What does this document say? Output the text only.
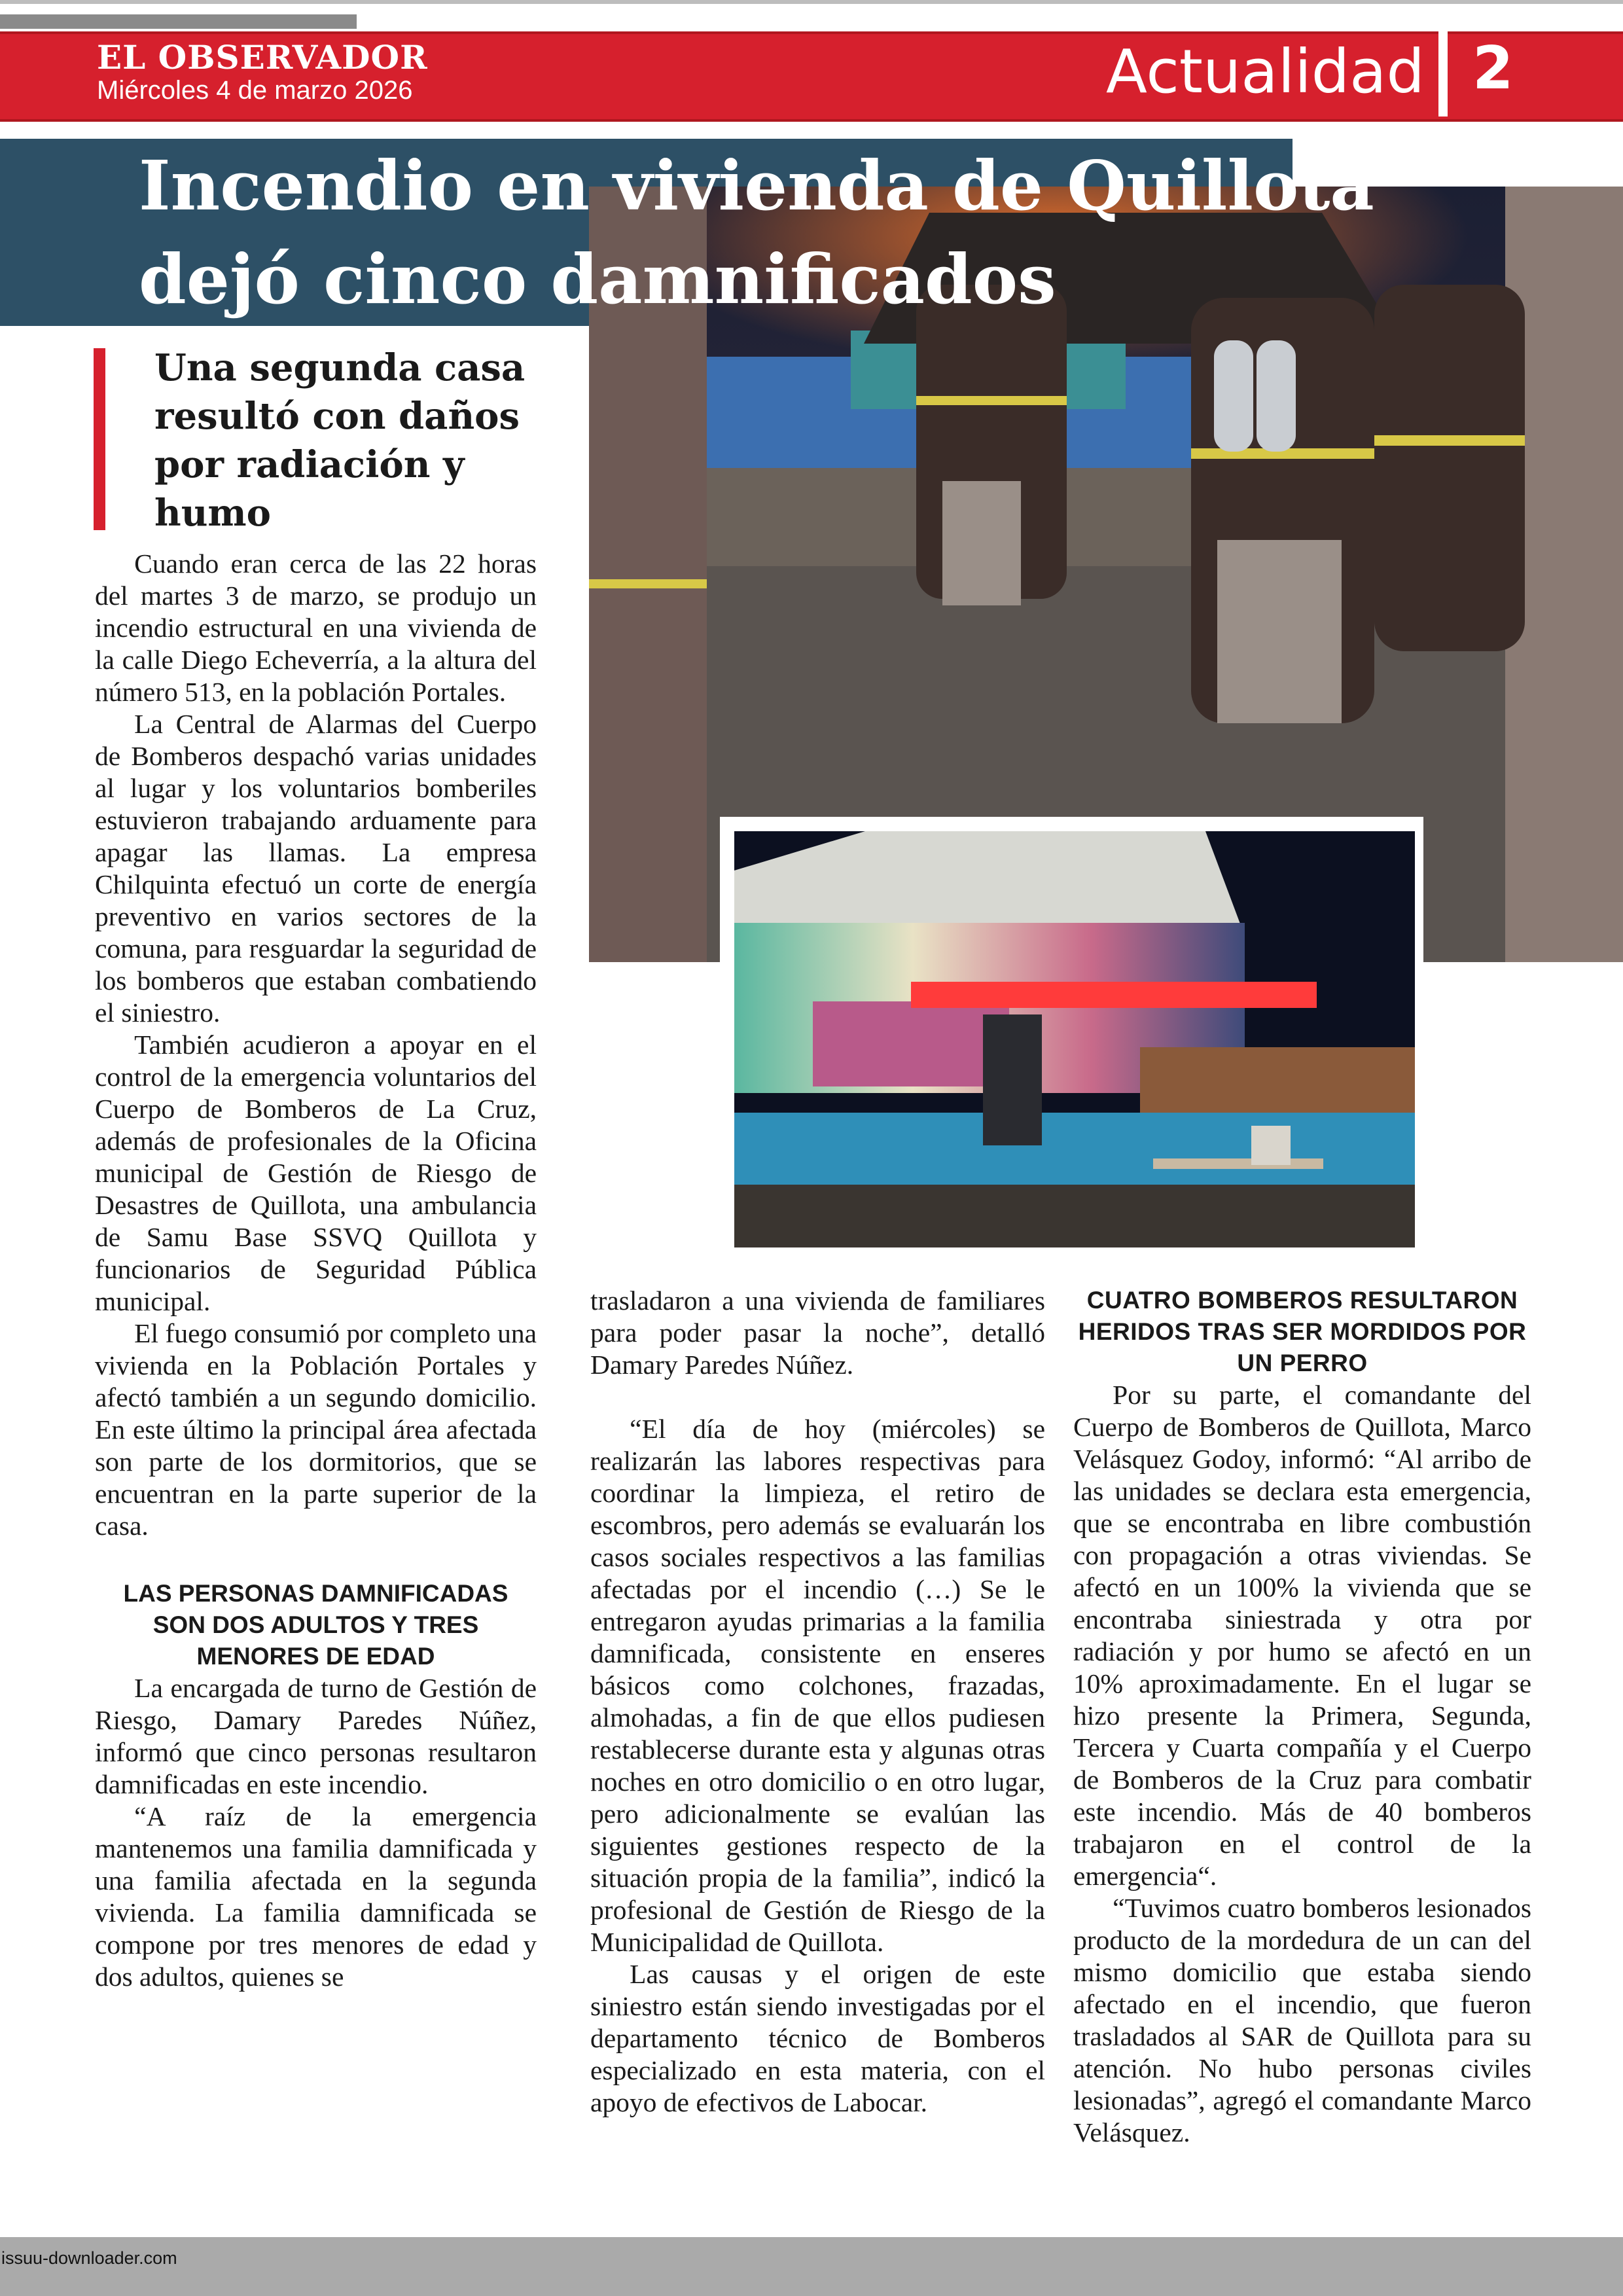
EL OBSERVADOR
Miércoles 4 de marzo 2026	Actualidad 2
Incendio en vivienda de Quillota
dejó cinco damnificados
Una segunda casa resultó con daños por radiación y humo

Cuando eran cerca de las 22 horas del martes 3 de marzo, se produjo un incendio estructural en una vivienda de la calle Diego Echeverría, a la altura del número 513, en la población Portales.

La Central de Alarmas del Cuerpo de Bomberos despachó varias unidades al lugar y los voluntarios bomberiles estuvieron trabajando arduamente para apagar las llamas. La empresa Chilquinta efectuó un corte de energía preventivo en varios sectores de la comuna, para resguardar la seguridad de los bomberos que estaban combatiendo el siniestro.

También acudieron a apoyar en el control de la emergencia voluntarios del Cuerpo de Bomberos de La Cruz, además de profesionales de la Oficina municipal de Gestión de Riesgo de Desastres de Quillota, una ambulancia de Samu Base SSVQ Quillota y funcionarios de Seguridad Pública municipal.

El fuego consumió por completo una vivienda en la Población Portales y afectó también a un segundo domicilio. En este último la principal área afectada son parte de los dormitorios, que se encuentran en la parte superior de la casa.

LAS PERSONAS DAMNIFICADAS SON DOS ADULTOS Y TRES MENORES DE EDAD

La encargada de turno de Gestión de Riesgo, Damary Paredes Núñez, informó que cinco personas resultaron damnificadas en este incendio.

“A raíz de la emergencia mantenemos una familia damnificada y una familia afectada en la segunda vivienda. La familia damnificada se compone por tres menores de edad y dos adultos, quienes se

trasladaron a una vivienda de familiares para poder pasar la noche”, detalló Damary Paredes Núñez.

“El día de hoy (miércoles) se realizarán las labores respectivas para coordinar la limpieza, el retiro de escombros, pero además se evaluarán los casos sociales respectivos a las familias afectadas por el incendio (…) Se le entregaron ayudas primarias a la familia damnificada, consistente en enseres básicos como colchones, frazadas, almohadas, a fin de que ellos pudiesen restablecerse durante esta y algunas otras noches en otro domicilio o en otro lugar, pero adicionalmente se evalúan las siguientes gestiones respecto de la situación propia de la familia”, indicó la profesional de Gestión de Riesgo de la Municipalidad de Quillota.

Las causas y el origen de este siniestro están siendo investigadas por el departamento técnico de Bomberos especializado en esta materia, con el apoyo de efectivos de Labocar.

CUATRO BOMBEROS RESULTARON HERIDOS TRAS SER MORDIDOS POR UN PERRO

Por su parte, el comandante del Cuerpo de Bomberos de Quillota, Marco Velásquez Godoy, informó: “Al arribo de las unidades se declara esta emergencia, que se encontraba en libre combustión con propagación a otras viviendas. Se afectó en un 100% la vivienda que se encontraba siniestrada y otra por radiación y por humo se afectó en un 10% aproximadamente. En el lugar se hizo presente la Primera, Segunda, Tercera y Cuarta compañía y el Cuerpo de Bomberos de la Cruz para combatir este incendio. Más de 40 bomberos trabajaron en el control de la emergencia“.

“Tuvimos cuatro bomberos lesionados producto de la mordedura de un can del mismo domicilio que estaba siendo afectado en el incendio, que fueron trasladados al SAR de Quillota para su atención. No hubo personas civiles lesionadas”, agregó el comandante Marco Velásquez.

issuu-downloader.com
